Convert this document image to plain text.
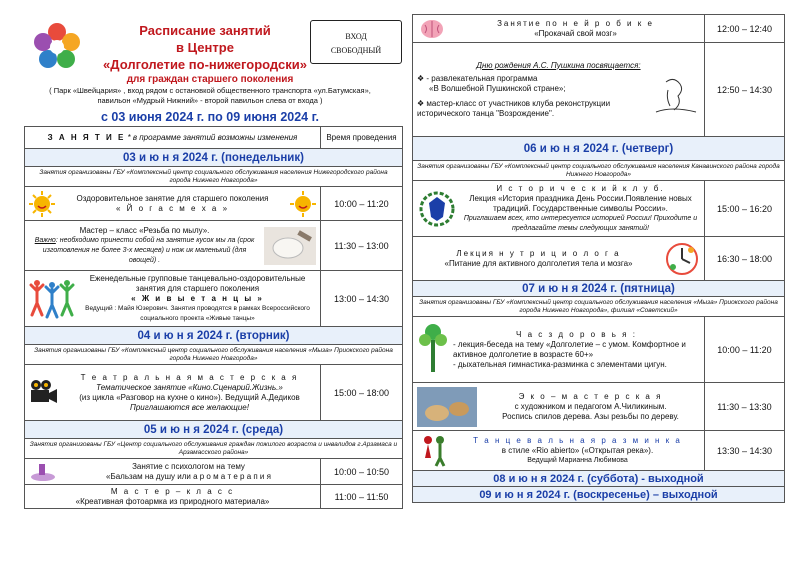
Расписание занятий
в Центре
«Долголетие по-нижегородски»
для граждан старшего поколения
( Парк «Швейцария» , вход рядом с остановкой общественного транспорта «ул.Батумская», павильон «Мудрый Нижний» - второй павильон слева от входа )
ВХОД
СВОБОДНЫЙ
с 03 июня 2024 г. по 09 июня 2024 г.
З А Н Я Т И Е * в программе занятий возможны изменения	Время проведения
03 и ю н я 2024 г. (понедельник)	
Занятия организованы ГБУ «Комплексный центр социального обслуживания населения Нижегородского района города Нижнего Новгорода»	

Оздоровительное занятие для старшего поколения
« Й о г а с м е х а »	10:00 – 11:20

Мастер – класс «Резьба по мылу».
Важно: необходимо принести собой на занятие кусок мы ла (срок изготовления не более 3-х месяцев) и нож ик маленький (для овощей) .	11:30 – 13:00

Еженедельные групповые танцевально-оздоровительные занятия для старшего поколения
« Ж и в ы е т а н ц ы »
Ведущий : Майя Юзерович. Занятия проводятся в рамках Всероссийского социального проекта «Живые танцы»	13:00 – 14:30
04 и ю н я 2024 г. (вторник)	
Занятия организованы ГБУ «Комплексный центр социального обслуживания населения «Мыза» Приокского района города Нижнего Новгорода»	

Т е а т р а л ь н а я м а с т е р с к а я
Тематическое занятие «Кино.Сценарий.Жизнь.»
(из цикла «Разговор на кухне о кино»). Ведущий А.Дедиков
Приглашаются все желающие!	15:00 – 18:00
05 и ю н я 2024 г. (среда)	
Занятия организованы ГБУ «Центр социального обслуживания граждан пожилого возраста и инвалидов г.Арзамаса и Арзамасского района»	

Занятие с психологом на тему
«Бальзам на душу или а р о м а т е р а п и я	10:00 – 10:50

М а с т е р – к л а с с
«Креативная фотоармка из природного материала»	11:00 – 11:50
Занятие по н е й р о б и к е
«Прокачай свой мозг»	12:00 – 12:40

Дню рождения А.С. Пушкина посвящается:
❖ - развлекательная программа
«В Волшебной Пушкинской стране»;
❖ мастер-класс от участников клуба реконструкции исторического танца "Возрождение".	12:50 – 14:30
06 и ю н я 2024 г. (четверг)	
Занятия организованы ГБУ «Комплексный центр социального обслуживания населения Канавинского района города Нижнего Новгорода»	

И с т о р и ч е с к и й к л у б.
Лекция «История праздника День России.Появление новых традиций. Государственные символы России».
Приглашаем всех, кто интересуется историей России! Приходите и предлагайте темы следующих занятий!	15:00 – 16:20

Лекция н у т р и ц и о л о г а
«Питание для активного долголетия тела и мозга»	16:30 – 18:00
07 и ю н я 2024 г. (пятница)	
Занятия организованы ГБУ «Комплексный центр социального обслуживания населения «Мыза» Приокского района города Нижнего Новгорода», филиал «Советский»	

Ч а с з д о р о в ь я :
- лекция-беседа на тему «Долголетие – с умом. Комфортное и активное долголетие в возрасте 60+»
- дыхательная гимнастика-разминка с элементами цигун.	10:00 – 11:20

Э к о – м а с т е р с к а я
с художником и педагогом А.Чиликиным.
Роспись спилов дерева. Азы резьбы по дереву.	11:30 – 13:30

Т а н ц е в а л ь н а я р а з м и н к а
в стиле «Rio abierto» («Открытая река»).
Ведущий Марианна Любимова	13:30 – 14:30
08 и ю н я 2024 г. (суббота) - выходной	
09 и ю н я 2024 г. (воскресенье) – выходной	
